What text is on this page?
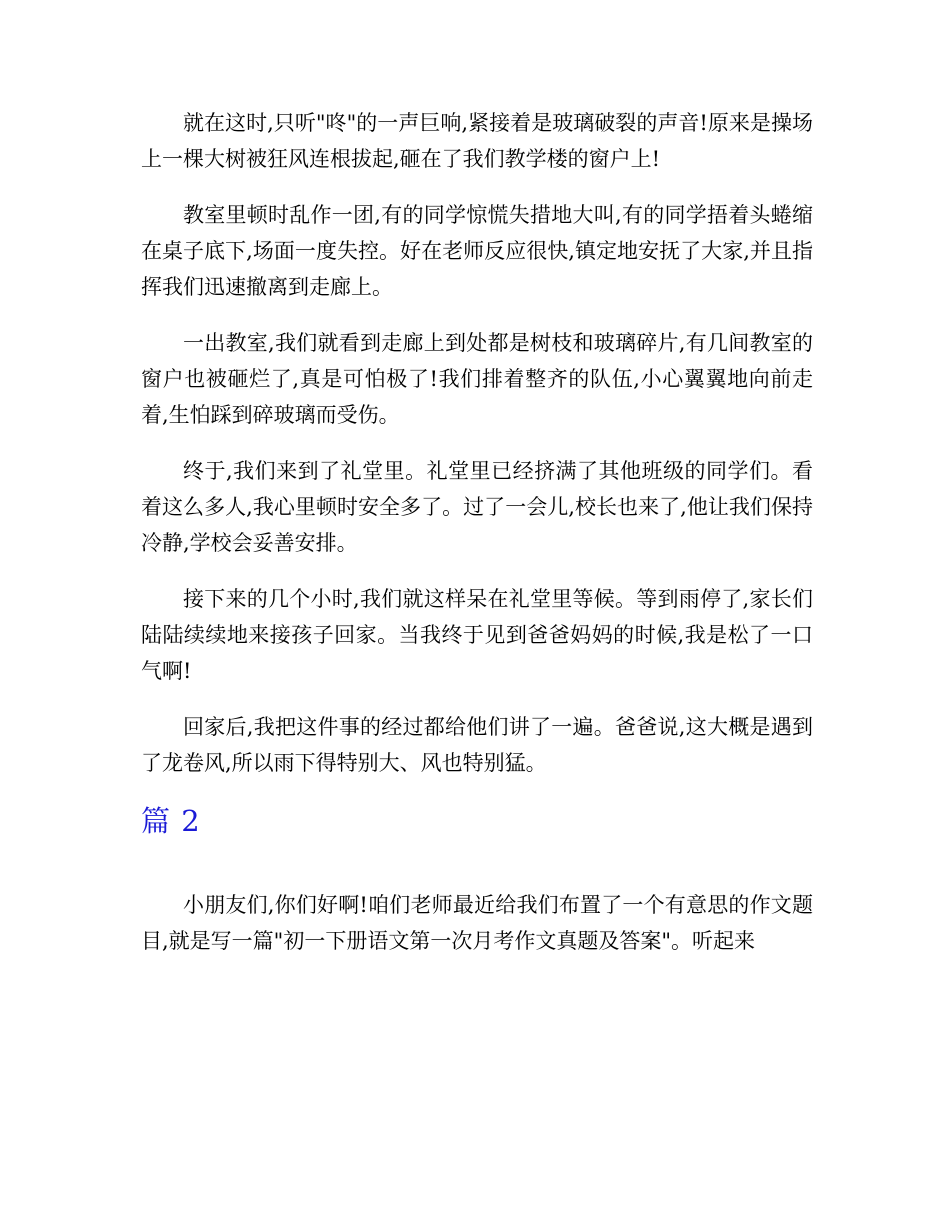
就在这时,只听"咚"的一声巨响,紧接着是玻璃破裂的声音!原来是操场上一棵大树被狂风连根拔起,砸在了我们教学楼的窗户上!

教室里顿时乱作一团,有的同学惊慌失措地大叫,有的同学捂着头蜷缩在桌子底下,场面一度失控。好在老师反应很快,镇定地安抚了大家,并且指挥我们迅速撤离到走廊上。

一出教室,我们就看到走廊上到处都是树枝和玻璃碎片,有几间教室的窗户也被砸烂了,真是可怕极了!我们排着整齐的队伍,小心翼翼地向前走着,生怕踩到碎玻璃而受伤。

终于,我们来到了礼堂里。礼堂里已经挤满了其他班级的同学们。看着这么多人,我心里顿时安全多了。过了一会儿,校长也来了,他让我们保持冷静,学校会妥善安排。

接下来的几个小时,我们就这样呆在礼堂里等候。等到雨停了,家长们陆陆续续地来接孩子回家。当我终于见到爸爸妈妈的时候,我是松了一口气啊!

回家后,我把这件事的经过都给他们讲了一遍。爸爸说,这大概是遇到了龙卷风,所以雨下得特别大、风也特别猛。

篇 2

小朋友们,你们好啊!咱们老师最近给我们布置了一个有意思的作文题目,就是写一篇"初一下册语文第一次月考作文真题及答案"。听起来
